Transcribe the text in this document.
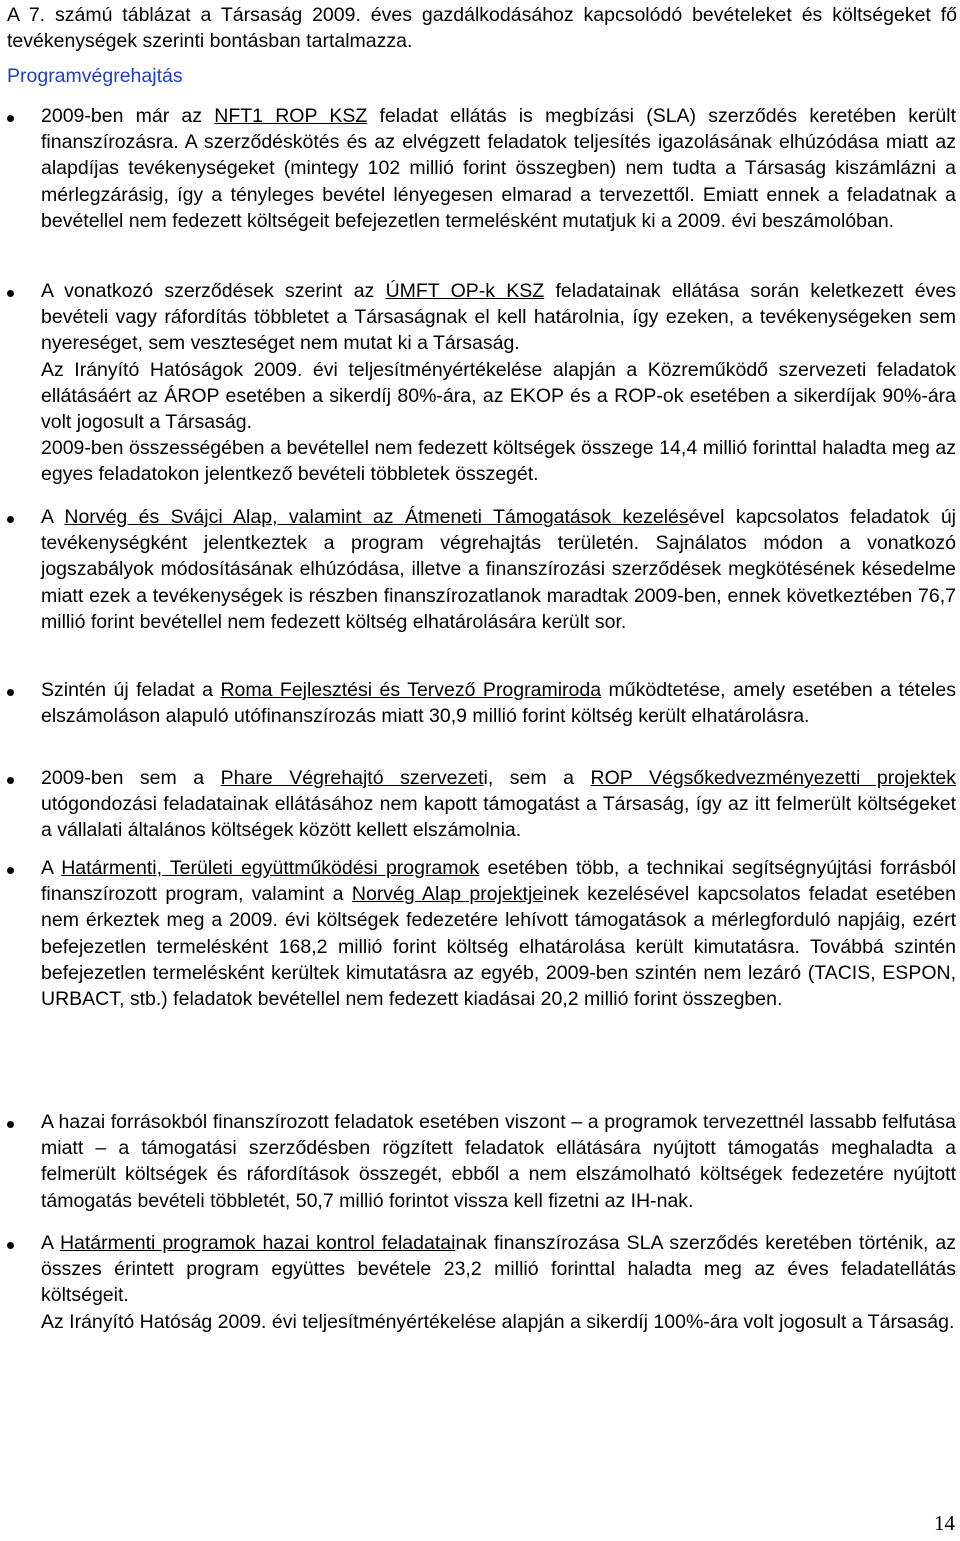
A 7. számú táblázat a Társaság 2009. éves gazdálkodásához kapcsolódó bevételeket és költségeket fő tevékenységek szerinti bontásban tartalmazza.

Programvégrehajtás
2009-ben már az NFT1 ROP KSZ feladat ellátás is megbízási (SLA) szerződés keretében került finanszírozásra. A szerződéskötés és az elvégzett feladatok teljesítés igazolásának elhúzódása miatt az alapdíjas tevékenységeket (mintegy 102 millió forint összegben) nem tudta a Társaság kiszámlázni a mérlegzárásig, így a tényleges bevétel lényegesen elmarad a tervezettől. Emiatt ennek a feladatnak a bevétellel nem fedezett költségeit befejezetlen termelésként mutatjuk ki a 2009. évi beszámolóban.
A vonatkozó szerződések szerint az ÚMFT OP-k KSZ feladatainak ellátása során keletkezett éves bevételi vagy ráfordítás többletet a Társaságnak el kell határolnia, így ezeken, a tevékenységeken sem nyereséget, sem veszteséget nem mutat ki a Társaság.
Az Irányító Hatóságok 2009. évi teljesítményértékelése alapján a Közreműködő szervezeti feladatok ellátásáért az ÁROP esetében a sikerdíj 80%-ára, az EKOP és a ROP-ok esetében a sikerdíjak 90%-ára volt jogosult a Társaság.
2009-ben összességében a bevétellel nem fedezett költségek összege 14,4 millió forinttal haladta meg az egyes feladatokon jelentkező bevételi többletek összegét.
A Norvég és Svájci Alap, valamint az Átmeneti Támogatások kezelésével kapcsolatos feladatok új tevékenységként jelentkeztek a program végrehajtás területén. Sajnálatos módon a vonatkozó jogszabályok módosításának elhúzódása, illetve a finanszírozási szerződések megkötésének késedelme miatt ezek a tevékenységek is részben finanszírozatlanok maradtak 2009-ben, ennek következtében 76,7 millió forint bevétellel nem fedezett költség elhatárolására került sor.
Szintén új feladat a Roma Fejlesztési és Tervező Programiroda működtetése, amely esetében a tételes elszámoláson alapuló utófinanszírozás miatt 30,9 millió forint költség került elhatárolásra.
2009-ben sem a Phare Végrehajtó szervezeti, sem a ROP Végsőkedvezményezetti projektek utógondozási feladatainak ellátásához nem kapott támogatást a Társaság, így az itt felmerült költségeket a vállalati általános költségek között kellett elszámolnia.
A Határmenti, Területi együttműködési programok esetében több, a technikai segítségnyújtási forrásból finanszírozott program, valamint a Norvég Alap projektjeinek kezelésével kapcsolatos feladat esetében nem érkeztek meg a 2009. évi költségek fedezetére lehívott támogatások a mérlegforduló napjáig, ezért befejezetlen termelésként 168,2 millió forint költség elhatárolása került kimutatásra. Továbbá szintén befejezetlen termelésként kerültek kimutatásra az egyéb, 2009-ben szintén nem lezáró (TACIS, ESPON, URBACT, stb.) feladatok bevétellel nem fedezett kiadásai 20,2 millió forint összegben.
A hazai forrásokból finanszírozott feladatok esetében viszont – a programok tervezettnél lassabb felfutása miatt – a támogatási szerződésben rögzített feladatok ellátására nyújtott támogatás meghaladta a felmerült költségek és ráfordítások összegét, ebből a nem elszámolható költségek fedezetére nyújtott támogatás bevételi többletét, 50,7 millió forintot vissza kell fizetni az IH-nak.
A Határmenti programok hazai kontrol feladatainak finanszírozása SLA szerződés keretében történik, az összes érintett program együttes bevétele 23,2 millió forinttal haladta meg az éves feladatellátás költségeit.
Az Irányító Hatóság 2009. évi teljesítményértékelése alapján a sikerdíj 100%-ára volt jogosult a Társaság.
14
